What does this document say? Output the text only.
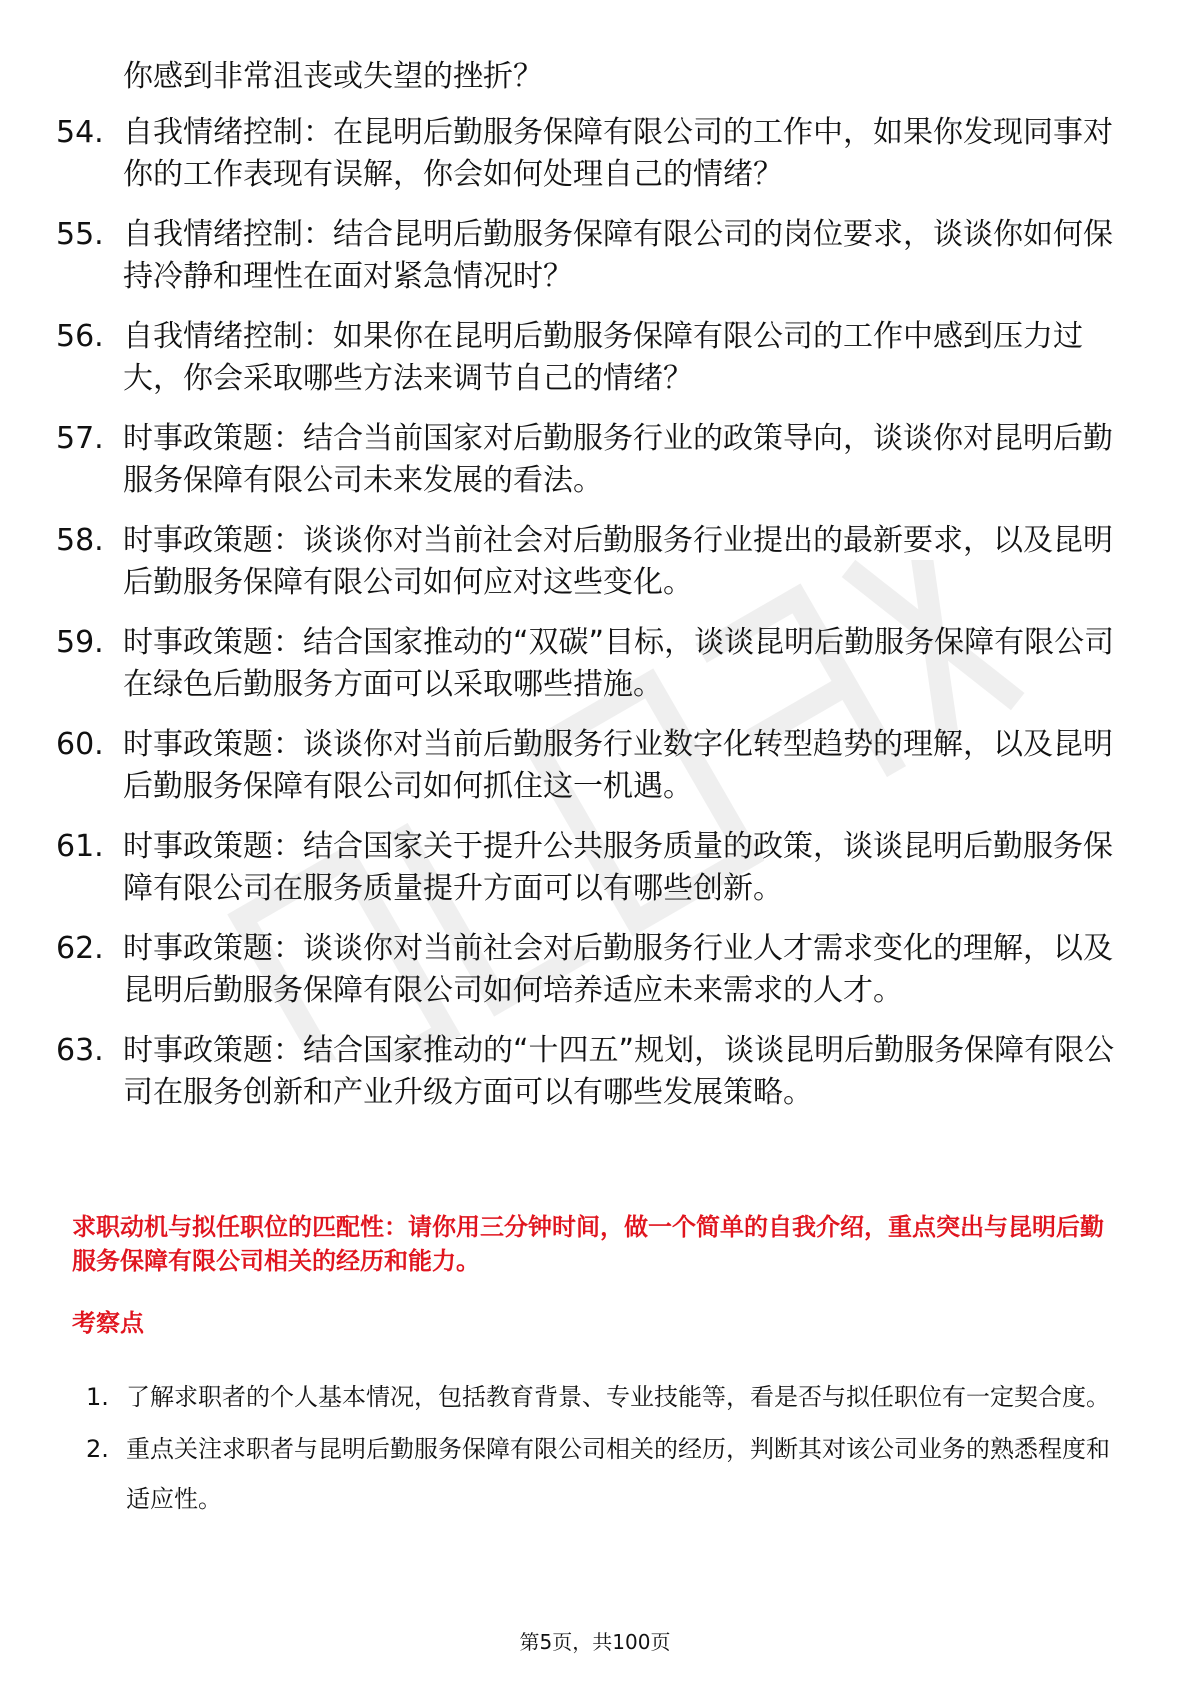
你感到非常沮丧或失望的挫折？

54. 自我情绪控制：在昆明后勤服务保障有限公司的工作中，如果你发现同事对你的工作表现有误解，你会如何处理自己的情绪？
55. 自我情绪控制：结合昆明后勤服务保障有限公司的岗位要求，谈谈你如何保持冷静和理性在面对紧急情况时？
56. 自我情绪控制：如果你在昆明后勤服务保障有限公司的工作中感到压力过大，你会采取哪些方法来调节自己的情绪？
57. 时事政策题：结合当前国家对后勤服务行业的政策导向，谈谈你对昆明后勤服务保障有限公司未来发展的看法。
58. 时事政策题：谈谈你对当前社会对后勤服务行业提出的最新要求，以及昆明后勤服务保障有限公司如何应对这些变化。
59. 时事政策题：结合国家推动的“双碳”目标，谈谈昆明后勤服务保障有限公司在绿色后勤服务方面可以采取哪些措施。
60. 时事政策题：谈谈你对当前后勤服务行业数字化转型趋势的理解，以及昆明后勤服务保障有限公司如何抓住这一机遇。
61. 时事政策题：结合国家关于提升公共服务质量的政策，谈谈昆明后勤服务保障有限公司在服务质量提升方面可以有哪些创新。
62. 时事政策题：谈谈你对当前社会对后勤服务行业人才需求变化的理解，以及昆明后勤服务保障有限公司如何培养适应未来需求的人才。
63. 时事政策题：结合国家推动的“十四五”规划，谈谈昆明后勤服务保障有限公司在服务创新和产业升级方面可以有哪些发展策略。

求职动机与拟任职位的匹配性：请你用三分钟时间，做一个简单的自我介绍，重点突出与昆明后勤服务保障有限公司相关的经历和能力。

考察点

1. 了解求职者的个人基本情况，包括教育背景、专业技能等，看是否与拟任职位有一定契合度。
2. 重点关注求职者与昆明后勤服务保障有限公司相关的经历，判断其对该公司业务的熟悉程度和适应性。
第5页，共100页
